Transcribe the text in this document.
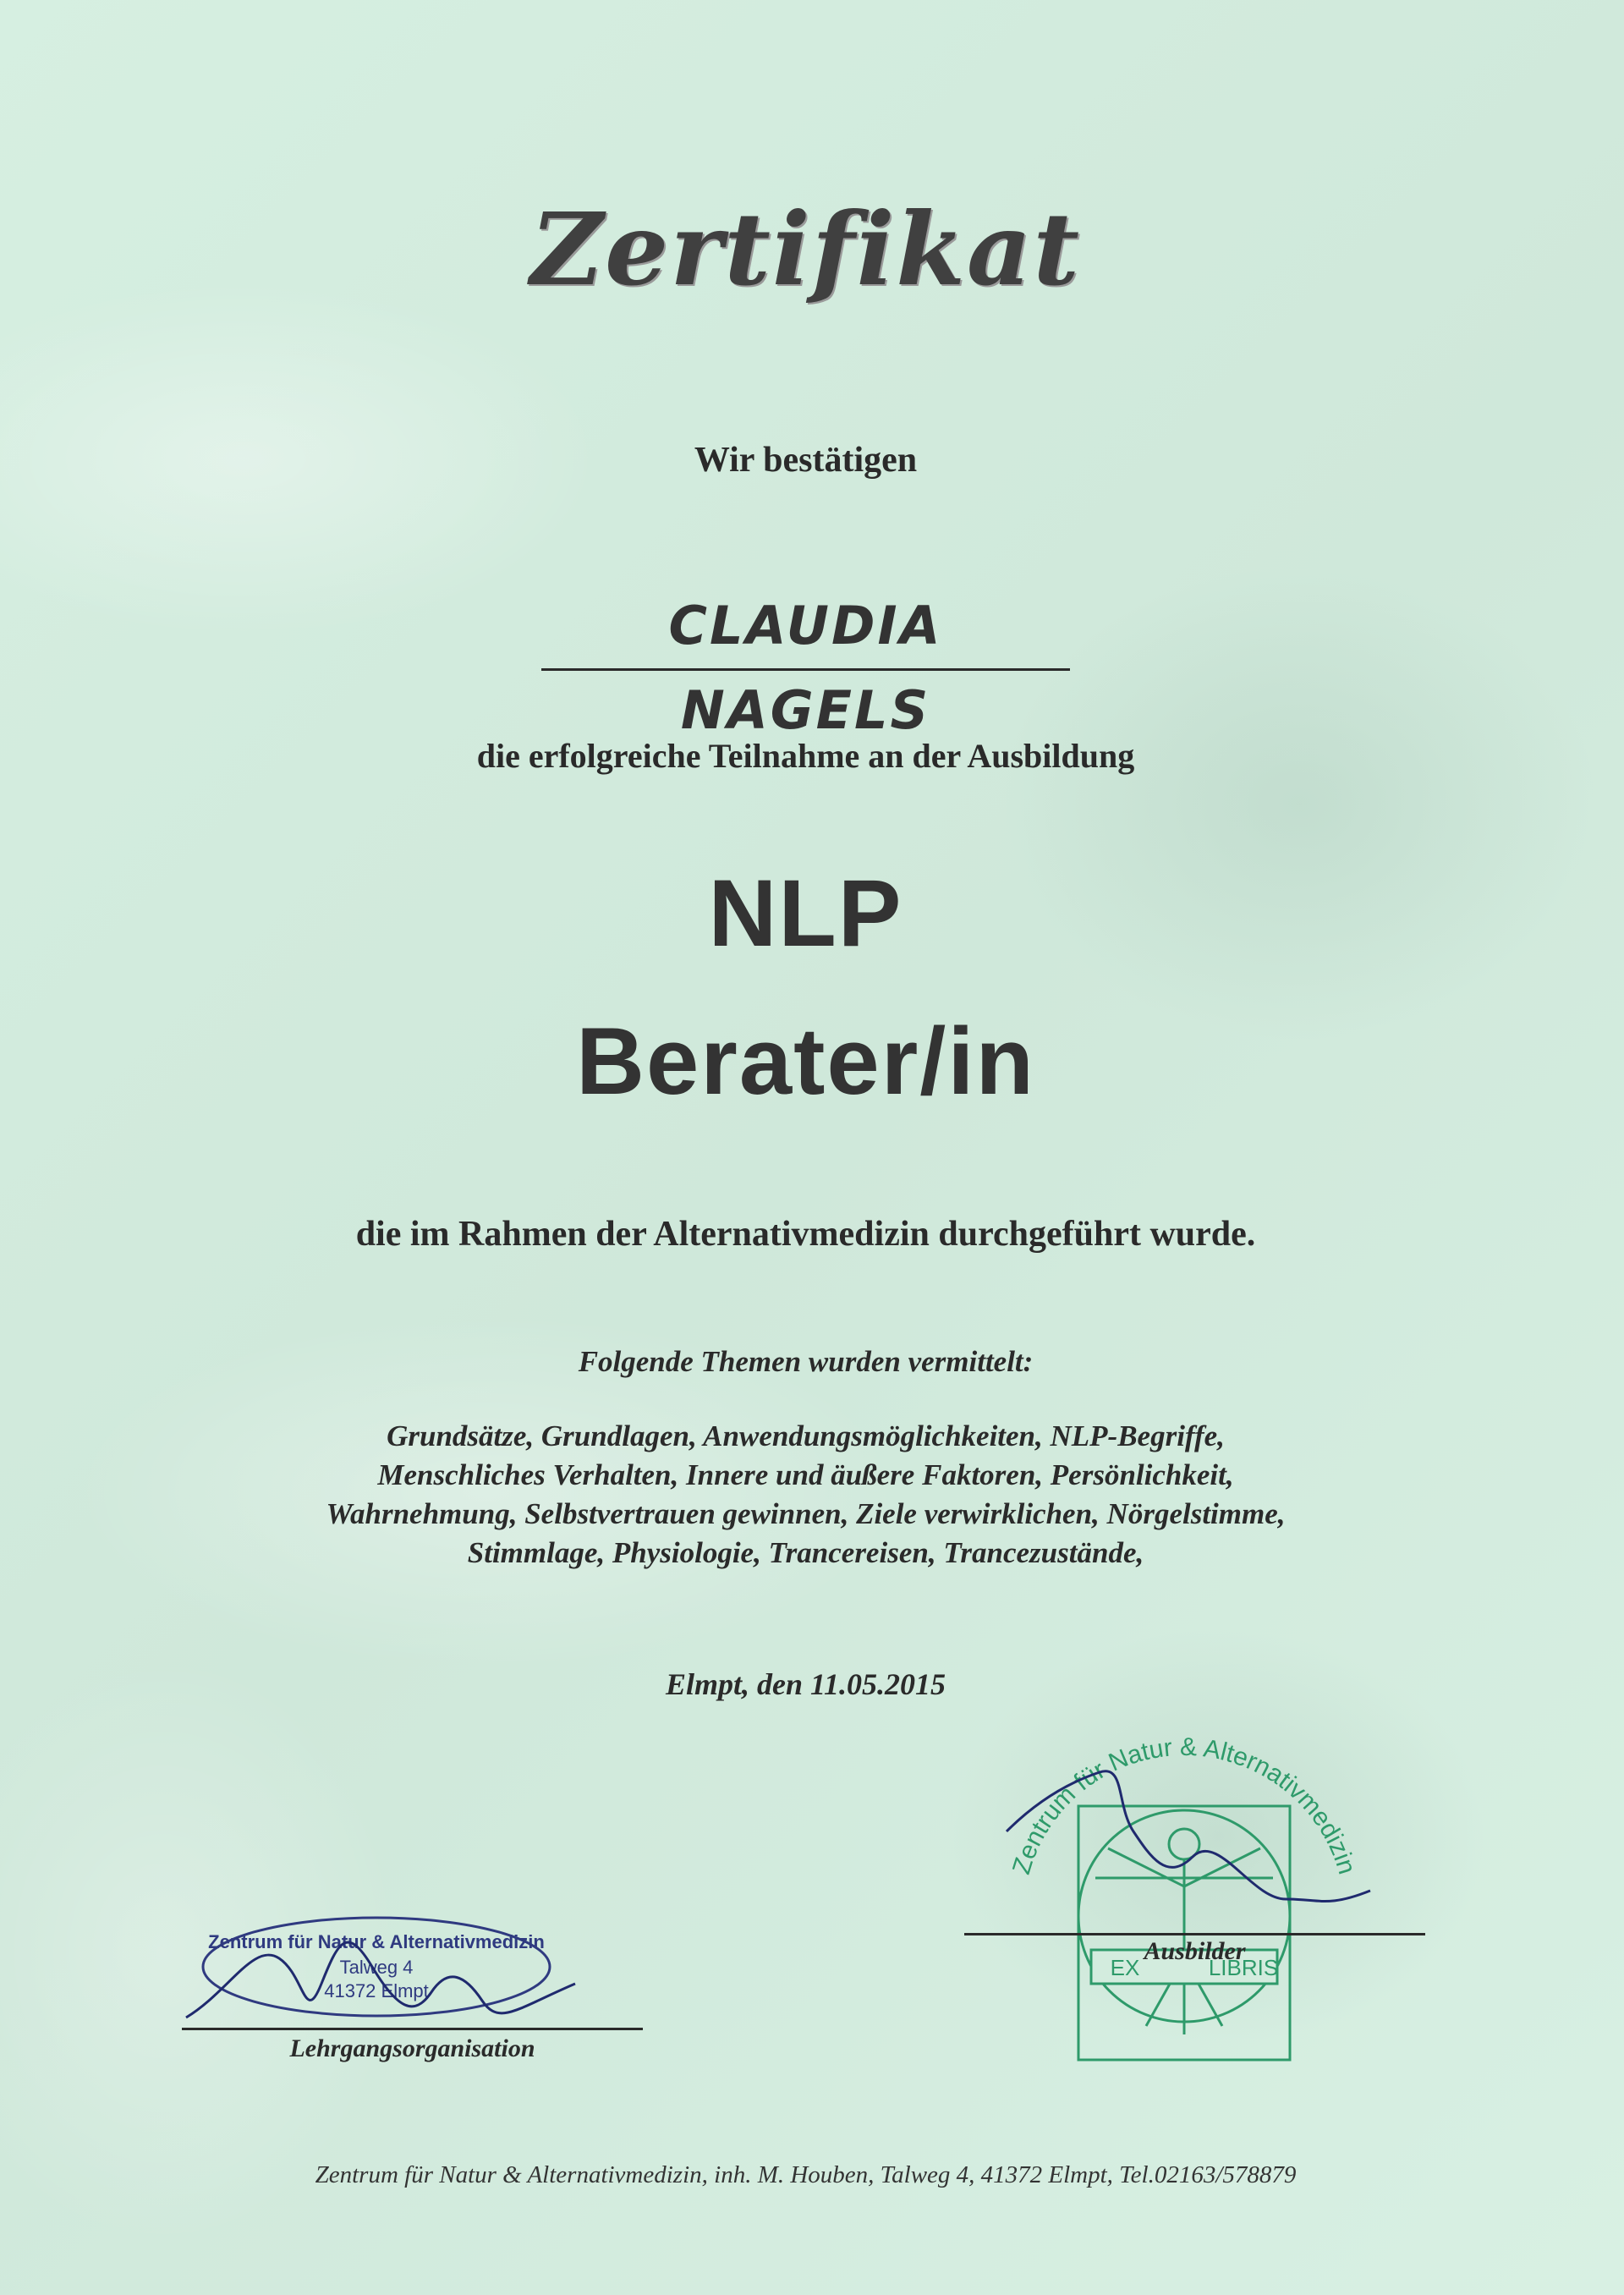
Zertifikat
Wir bestätigen
CLAUDIA NAGELS
die erfolgreiche Teilnahme an der Ausbildung
NLP
Berater/in
die im Rahmen der Alternativmedizin durchgeführt wurde.
Folgende Themen wurden vermittelt:
Grundsätze, Grundlagen, Anwendungsmöglichkeiten, NLP-Begriffe,
Menschliches Verhalten, Innere und äußere Faktoren, Persönlichkeit,
Wahrnehmung, Selbstvertrauen gewinnen, Ziele verwirklichen, Nörgelstimme,
Stimmlage, Physiologie, Trancereisen, Trancezustände,
Elmpt, den 11.05.2015
Zentrum für Natur & Alternativmedizin
Talweg 4
41372 Elmpt
Lehrgangsorganisation
Zentrum für Natur & Alternativmedizin
EX	LIBRIS
Ausbilder
Zentrum für Natur & Alternativmedizin, inh. M. Houben, Talweg 4, 41372 Elmpt, Tel.02163/578879
